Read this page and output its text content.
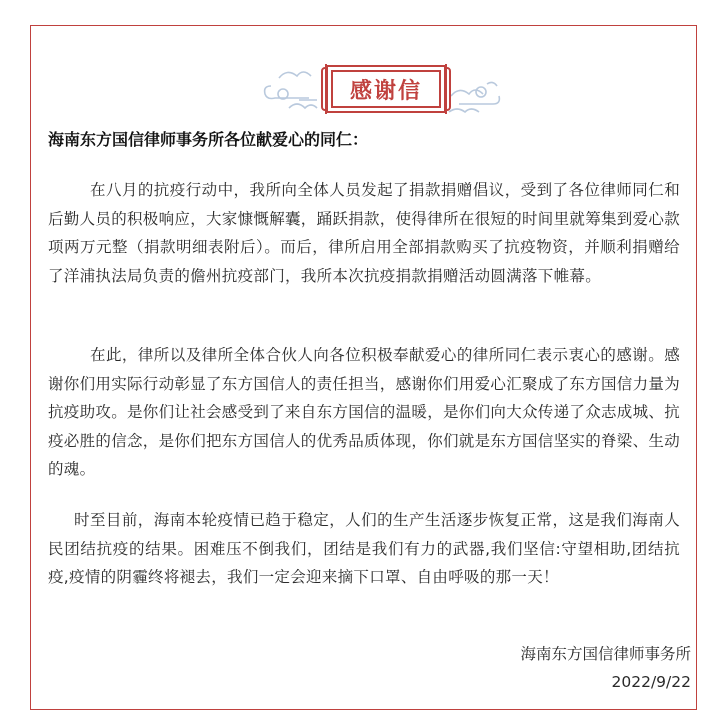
感谢信
海南东方国信律师事务所各位献爱心的同仁：

在八月的抗疫行动中，我所向全体人员发起了捐款捐赠倡议，受到了各位律师同仁和后勤人员的积极响应，大家慷慨解囊，踊跃捐款，使得律所在很短的时间里就筹集到爱心款项两万元整（捐款明细表附后）。而后，律所启用全部捐款购买了抗疫物资，并顺利捐赠给了洋浦执法局负责的儋州抗疫部门，我所本次抗疫捐款捐赠活动圆满落下帷幕。

在此，律所以及律所全体合伙人向各位积极奉献爱心的律所同仁表示衷心的感谢。感谢你们用实际行动彰显了东方国信人的责任担当，感谢你们用爱心汇聚成了东方国信力量为抗疫助攻。是你们让社会感受到了来自东方国信的温暖，是你们向大众传递了众志成城、抗疫必胜的信念，是你们把东方国信人的优秀品质体现，你们就是东方国信坚实的脊梁、生动的魂。

时至目前，海南本轮疫情已趋于稳定，人们的生产生活逐步恢复正常，这是我们海南人民团结抗疫的结果。困难压不倒我们，团结是我们有力的武器,我们坚信:守望相助,团结抗疫,疫情的阴霾终将褪去，我们一定会迎来摘下口罩、自由呼吸的那一天！

海南东方国信律师事务所
2022/9/22
